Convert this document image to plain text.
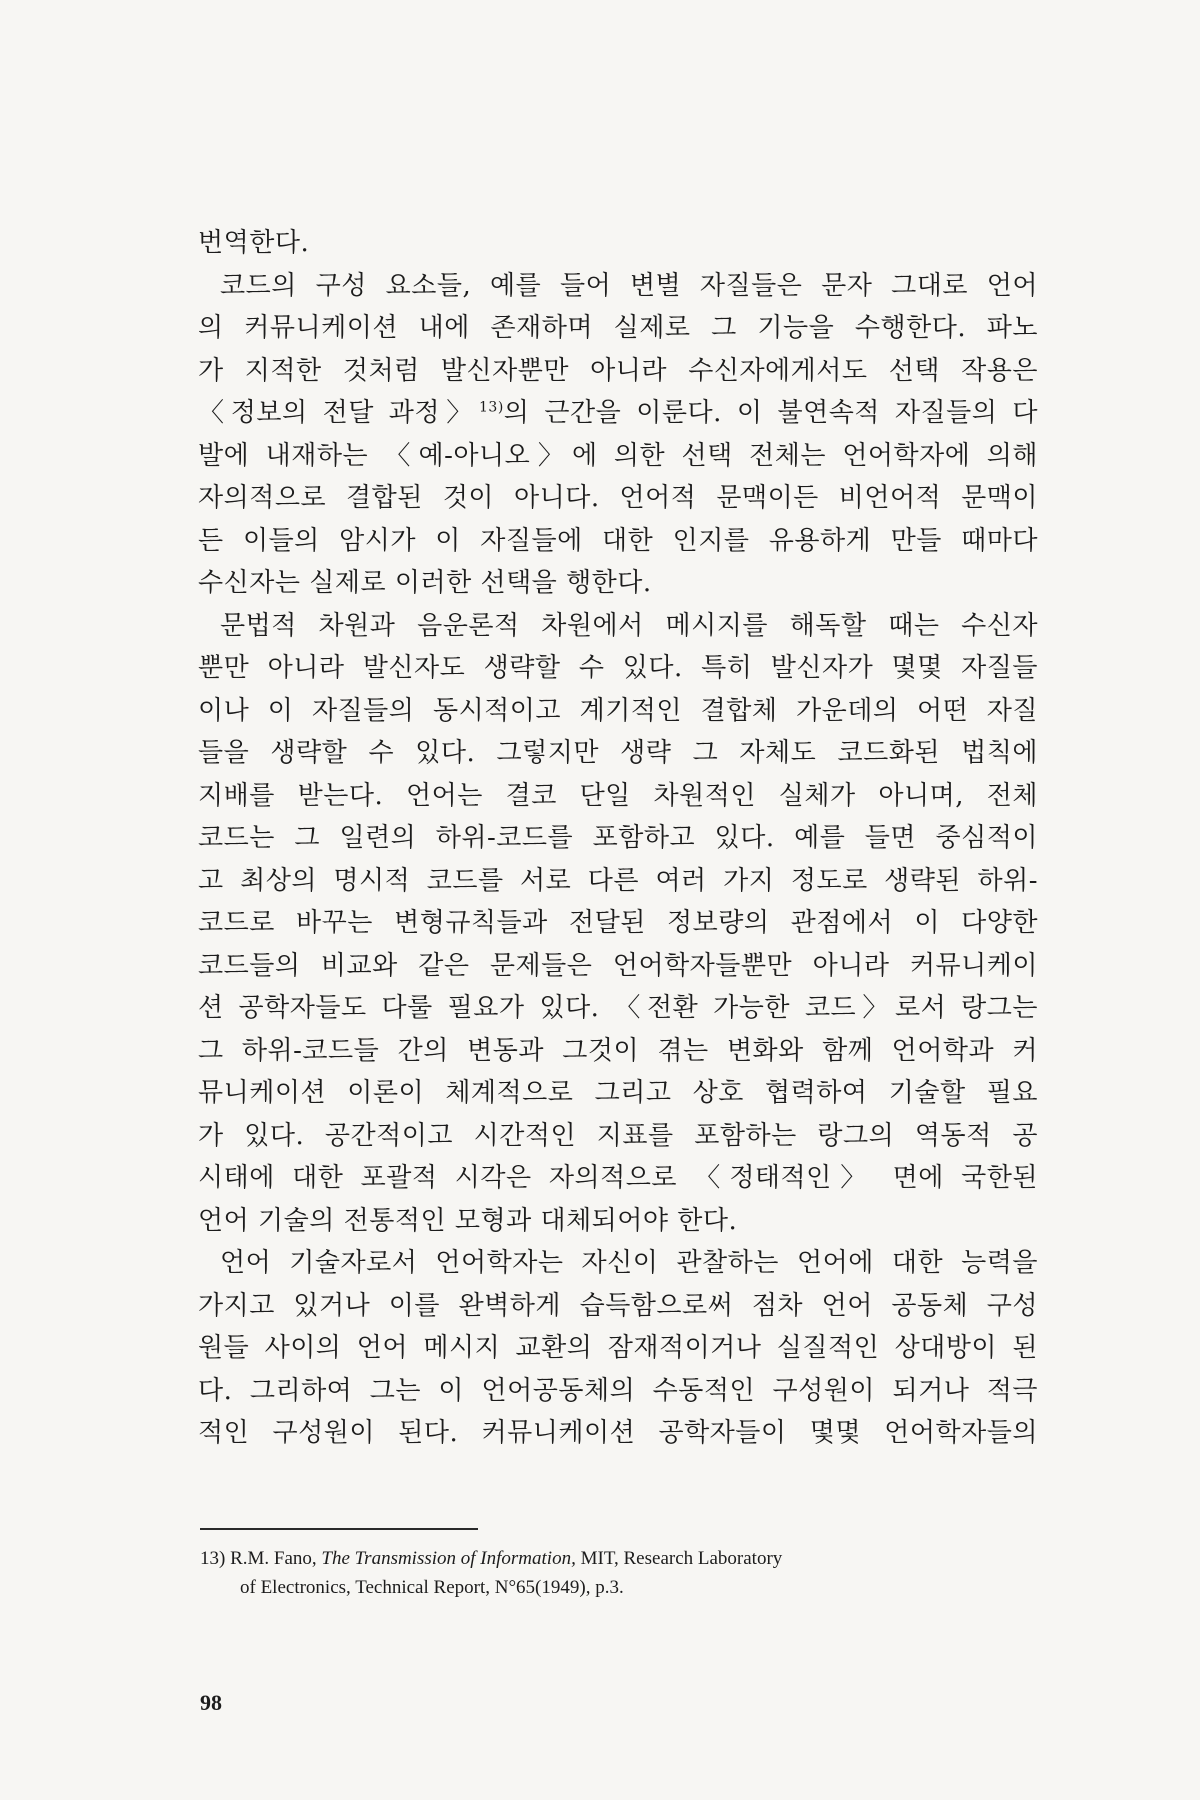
번역한다.
코드의 구성 요소들, 예를 들어 변별 자질들은 문자 그대로 언어
의 커뮤니케이션 내에 존재하며 실제로 그 기능을 수행한다. 파노
가 지적한 것처럼 발신자뿐만 아니라 수신자에게서도 선택 작용은
〈정보의 전달 과정〉$^{13)}$의 근간을 이룬다. 이 불연속적 자질들의 다
발에 내재하는 〈예-아니오〉에 의한 선택 전체는 언어학자에 의해
자의적으로 결합된 것이 아니다. 언어적 문맥이든 비언어적 문맥이
든 이들의 암시가 이 자질들에 대한 인지를 유용하게 만들 때마다
수신자는 실제로 이러한 선택을 행한다.
문법적 차원과 음운론적 차원에서 메시지를 해독할 때는 수신자
뿐만 아니라 발신자도 생략할 수 있다. 특히 발신자가 몇몇 자질들
이나 이 자질들의 동시적이고 계기적인 결합체 가운데의 어떤 자질
들을 생략할 수 있다. 그렇지만 생략 그 자체도 코드화된 법칙에
지배를 받는다. 언어는 결코 단일 차원적인 실체가 아니며, 전체
코드는 그 일련의 하위-코드를 포함하고 있다. 예를 들면 중심적이
고 최상의 명시적 코드를 서로 다른 여러 가지 정도로 생략된 하위-
코드로 바꾸는 변형규칙들과 전달된 정보량의 관점에서 이 다양한
코드들의 비교와 같은 문제들은 언어학자들뿐만 아니라 커뮤니케이
션 공학자들도 다룰 필요가 있다. 〈전환 가능한 코드〉로서 랑그는
그 하위-코드들 간의 변동과 그것이 겪는 변화와 함께 언어학과 커
뮤니케이션 이론이 체계적으로 그리고 상호 협력하여 기술할 필요
가 있다. 공간적이고 시간적인 지표를 포함하는 랑그의 역동적 공
시태에 대한 포괄적 시각은 자의적으로 〈정태적인〉 면에 국한된
언어 기술의 전통적인 모형과 대체되어야 한다.
언어 기술자로서 언어학자는 자신이 관찰하는 언어에 대한 능력을
가지고 있거나 이를 완벽하게 습득함으로써 점차 언어 공동체 구성
원들 사이의 언어 메시지 교환의 잠재적이거나 실질적인 상대방이 된
다. 그리하여 그는 이 언어공동체의 수동적인 구성원이 되거나 적극
적인 구성원이 된다. 커뮤니케이션 공학자들이 몇몇 언어학자들의
13) R.M. Fano, The Transmission of Information, MIT, Research Laboratory
of Electronics, Technical Report, N°65(1949), p.3.
98
